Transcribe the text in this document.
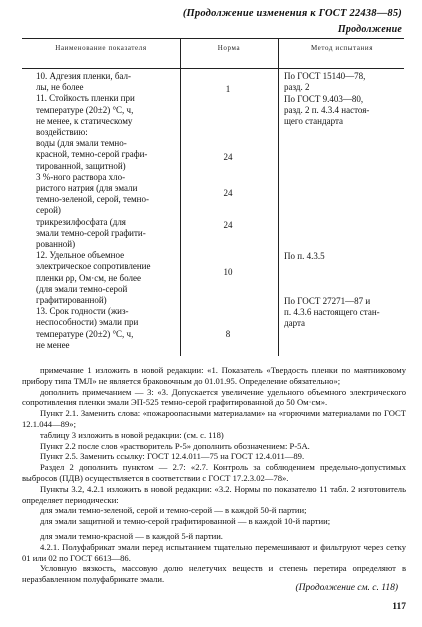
(Продолжение изменения к ГОСТ 22438—85)
Продолжение
Наименование показателя	Норма	Метод испытания

10. Адгезия пленки, бал-

лы, не более

11. Стойкость пленки при

температуре (20±2) °С, ч,

не менее, к статическому

воздействию:

воды (для эмали темно-

красной, темно-серой графи-

тированной, защитной)

3 %-ного раствора хло-

ристого натрия (для эмали

темно-зеленой, серой, темно-

серой)

трикрезилфосфата (для

эмали темно-серой графити-

рованной)

12. Удельное объемное

электрическое сопротивление

пленки ρр, Ом·см, не более

(для эмали темно-серой

графитированной)

13. Срок годности (жиз-

неспособности) эмали при

температуре (20±2) °С, ч,

не менее

1
24
24
24
10
8

По ГОСТ 15140—78,

разд. 2

По ГОСТ 9.403—80,

разд. 2 п. 4.3.4 настоя-

щего стандарта

По п. 4.3.5

По ГОСТ 27271—87 и

п. 4.3.6 настоящего стан-

дарта

примечание 1 изложить в новой редакции: «1. Показатель «Твердость пленки по маятниковому прибору типа ТМЛ» не является браковочным до 01.01.95. Определение обязательно»;

дополнить примечанием — 3: «3. Допускается увеличение удельного объемного электрического сопротивления пленки эмали ЭП-525 темно-серой графитированной до 50 Ом·см».

Пункт 2.1. Заменить слова: «пожароопасными материалами» на «горючими материалами по ГОСТ 12.1.044—89»;

таблицу 3 изложить в новой редакции: (см. с. 118)

Пункт 2.2 после слов «растворитель Р-5» дополнить обозначением: Р-5А.

Пункт 2.5. Заменить ссылку: ГОСТ 12.4.011—75 на ГОСТ 12.4.011—89.

Раздел 2 дополнить пунктом — 2.7: «2.7. Контроль за соблюдением предельно-допустимых выбросов (ПДВ) осуществляется в соответствии с ГОСТ 17.2.3.02—78».

Пункты 3.2, 4.2.1 изложить в новой редакции: «3.2. Нормы по показателю 11 табл. 2 изготовитель определяет периодически:

для эмали темно-зеленой, серой и темно-серой — в каждой 50-й партии;

для эмали защитной и темно-серой графитированной — в каждой 10-й партии;

для эмали темно-красной — в каждой 5-й партии.

4.2.1. Полуфабрикат эмали перед испытанием тщательно перемешивают и фильтруют через сетку 01 или 02 по ГОСТ 6613—86.

Условную вязкость, массовую долю нелетучих веществ и степень перетира определяют в неразбавленном полуфабрикате эмали.

(Продолжение см. с. 118)
117
